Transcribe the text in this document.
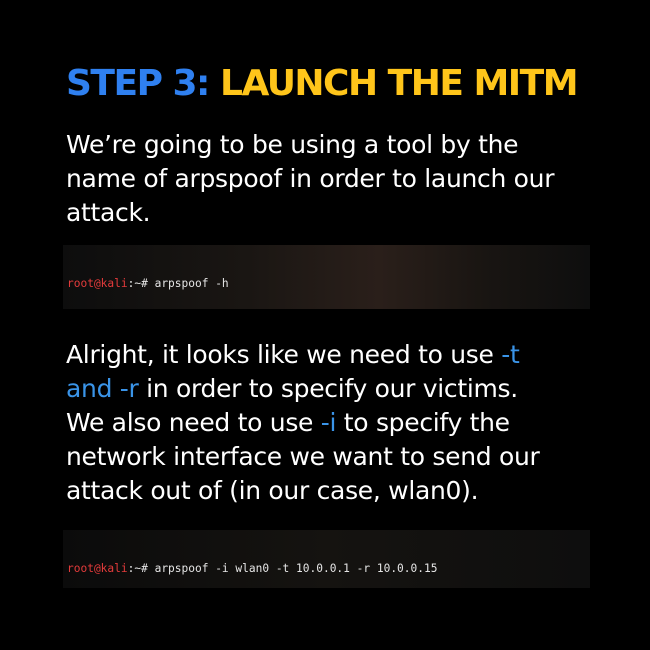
STEP 3: LAUNCH THE MITM
We’re going to be using a tool by the
name of arpspoof in order to launch our
attack.

root@kali:~# arpspoof -h

Alright, it looks like we need to use -t
and -r in order to specify our victims.
We also need to use -i to specify the
network interface we want to send our
attack out of (in our case, wlan0).

root@kali:~# arpspoof -i wlan0 -t 10.0.0.1 -r 10.0.0.15
